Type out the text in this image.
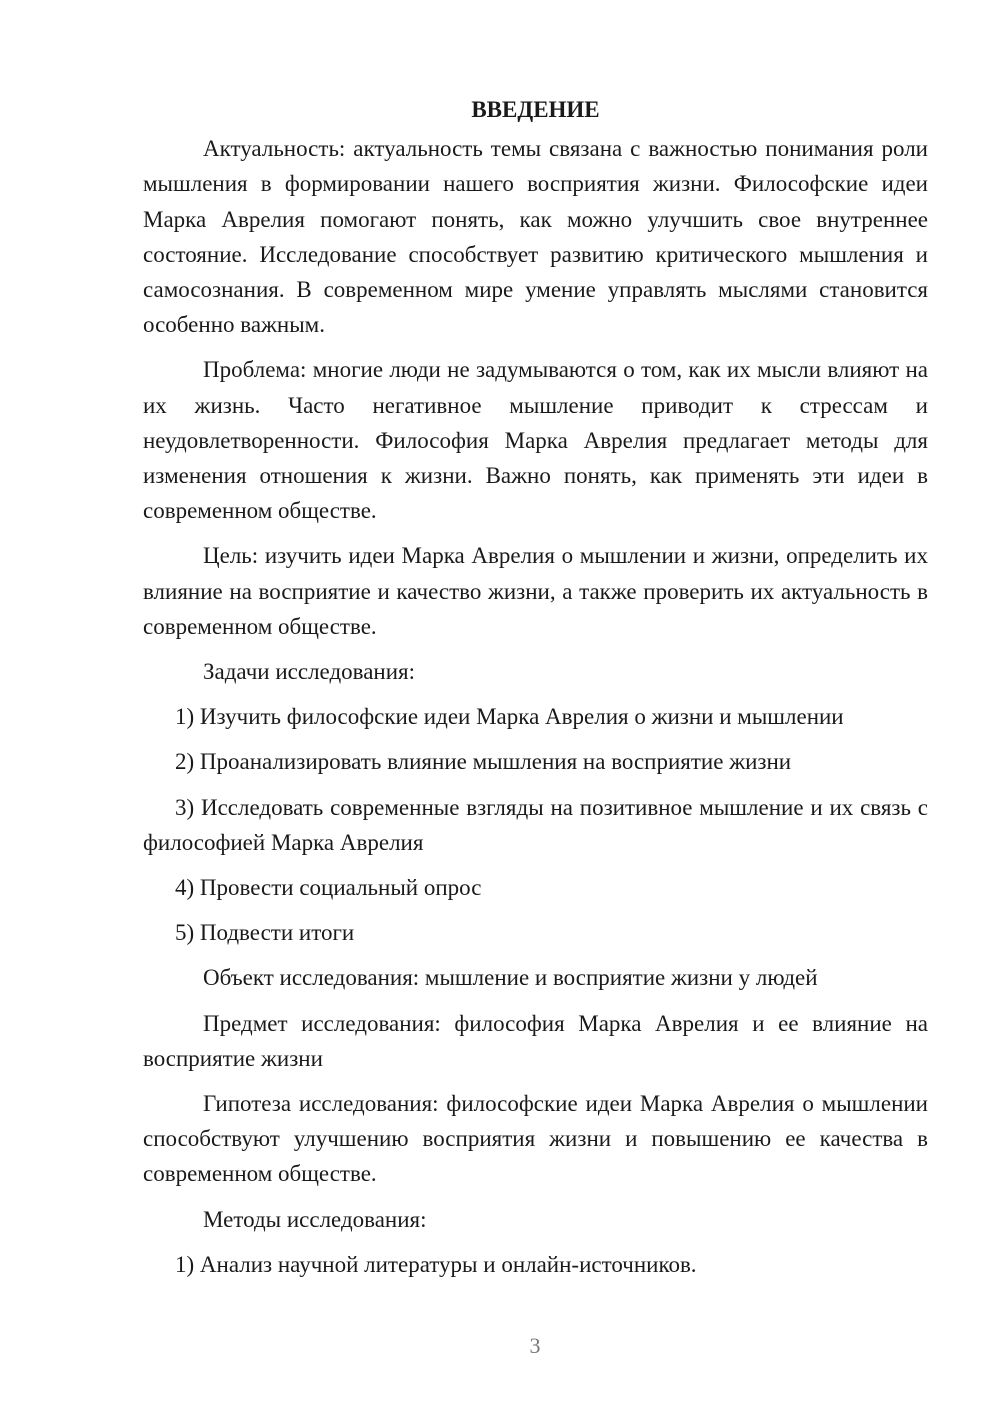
ВВЕДЕНИЕ

Актуальность: актуальность темы связана с важностью понимания роли мышления в формировании нашего восприятия жизни. Философские идеи Марка Аврелия помогают понять, как можно улучшить свое внутреннее состояние. Исследование способствует развитию критического мышления и самосознания. В современном мире умение управлять мыслями становится особенно важным.

Проблема: многие люди не задумываются о том, как их мысли влияют на их жизнь. Часто негативное мышление приводит к стрессам и неудовлетворенности. Философия Марка Аврелия предлагает методы для изменения отношения к жизни. Важно понять, как применять эти идеи в современном обществе.

Цель: изучить идеи Марка Аврелия о мышлении и жизни, определить их влияние на восприятие и качество жизни, а также проверить их актуальность в современном обществе.

Задачи исследования:

1) Изучить философские идеи Марка Аврелия о жизни и мышлении

2) Проанализировать влияние мышления на восприятие жизни

3) Исследовать современные взгляды на позитивное мышление и их связь с философией Марка Аврелия

4) Провести социальный опрос

5) Подвести итоги

Объект исследования: мышление и восприятие жизни у людей

Предмет исследования: философия Марка Аврелия и ее влияние на восприятие жизни

Гипотеза исследования: философские идеи Марка Аврелия о мышлении способствуют улучшению восприятия жизни и повышению ее качества в современном обществе.

Методы исследования:

1) Анализ научной литературы и онлайн-источников.

3
